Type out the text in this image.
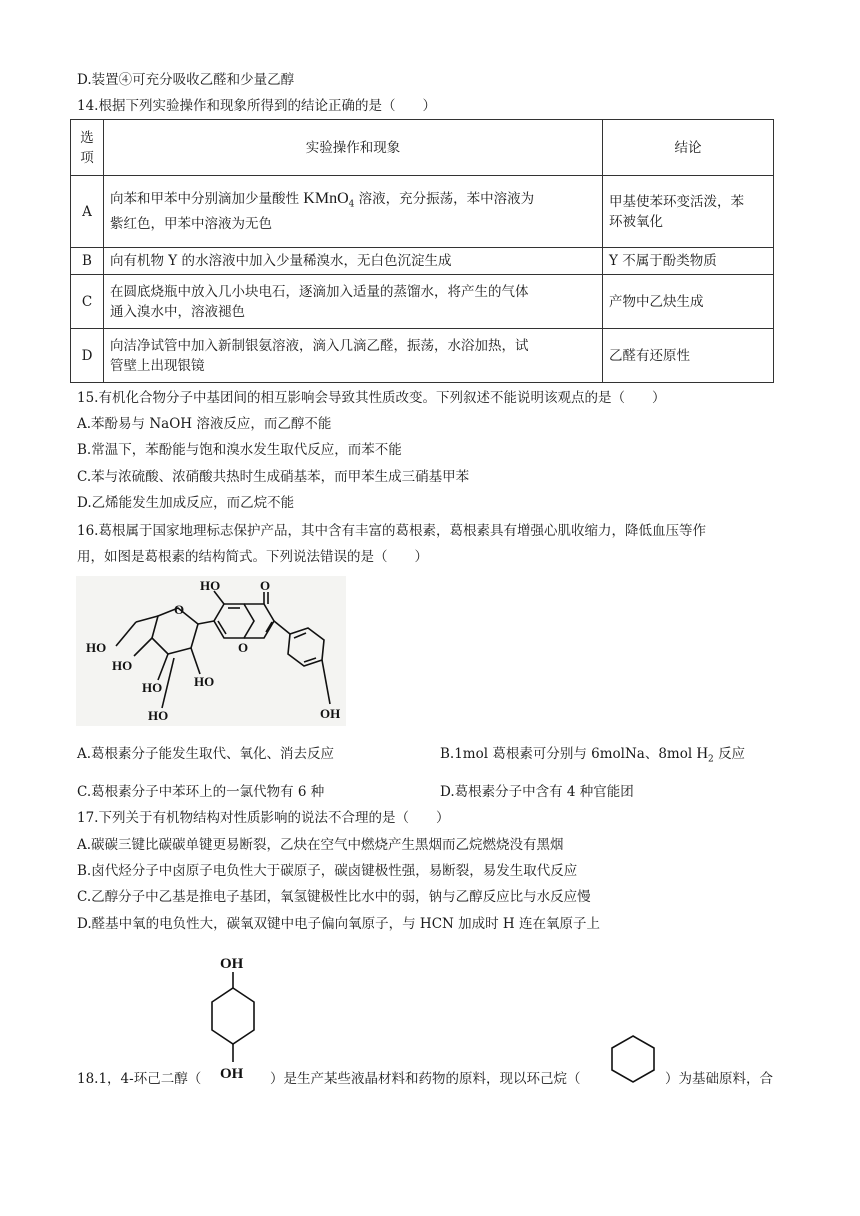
D.装置④可充分吸收乙醛和少量乙醇
14.根据下列实验操作和现象所得到的结论正确的是（　　）
选
项	实验操作和现象	结论
A	向苯和甲苯中分别滴加少量酸性 KMnO$_4$ 溶液，充分振荡，苯中溶液为
紫红色，甲苯中溶液为无色	甲基使苯环变活泼，苯
环被氧化
B	向有机物 Y 的水溶液中加入少量稀溴水，无白色沉淀生成	Y 不属于酚类物质
C	在圆底烧瓶中放入几小块电石，逐滴加入适量的蒸馏水，将产生的气体
通入溴水中，溶液褪色	产物中乙炔生成
D	向洁净试管中加入新制银氨溶液，滴入几滴乙醛，振荡，水浴加热，试
管壁上出现银镜	乙醛有还原性
15.有机化合物分子中基团间的相互影响会导致其性质改变。下列叙述不能说明该观点的是（　　）
A.苯酚易与 NaOH 溶液反应，而乙醇不能
B.常温下，苯酚能与饱和溴水发生取代反应，而苯不能
C.苯与浓硫酸、浓硝酸共热时生成硝基苯，而甲苯生成三硝基甲苯
D.乙烯能发生加成反应，而乙烷不能
16.葛根属于国家地理标志保护产品，其中含有丰富的葛根素，葛根素具有增强心肌收缩力，降低血压等作
用，如图是葛根素的结构简式。下列说法错误的是（　　）
HO	O
HO
HO
HO HO
HO	OH
O
O
A.葛根素分子能发生取代、氧化、消去反应	B.1mol 葛根素可分别与 6molNa、8mol $H_2$ 反应
C.葛根素分子中苯环上的一氯代物有 6 种	D.葛根素分子中含有 4 种官能团
17.下列关于有机物结构对性质影响的说法不合理的是（　　）
A.碳碳三键比碳碳单键更易断裂，乙炔在空气中燃烧产生黑烟而乙烷燃烧没有黑烟
B.卤代烃分子中卤原子电负性大于碳原子，碳卤键极性强，易断裂，易发生取代反应
C.乙醇分子中乙基是推电子基团，氧氢键极性比水中的弱，钠与乙醇反应比与水反应慢
D.醛基中氧的电负性大，碳氧双键中电子偏向氧原子，与 HCN 加成时 H 连在氧原子上
OH
OH
18.1，4-环己二醇（	）是生产某些液晶材料和药物的原料，现以环己烷（	）为基础原料，合
